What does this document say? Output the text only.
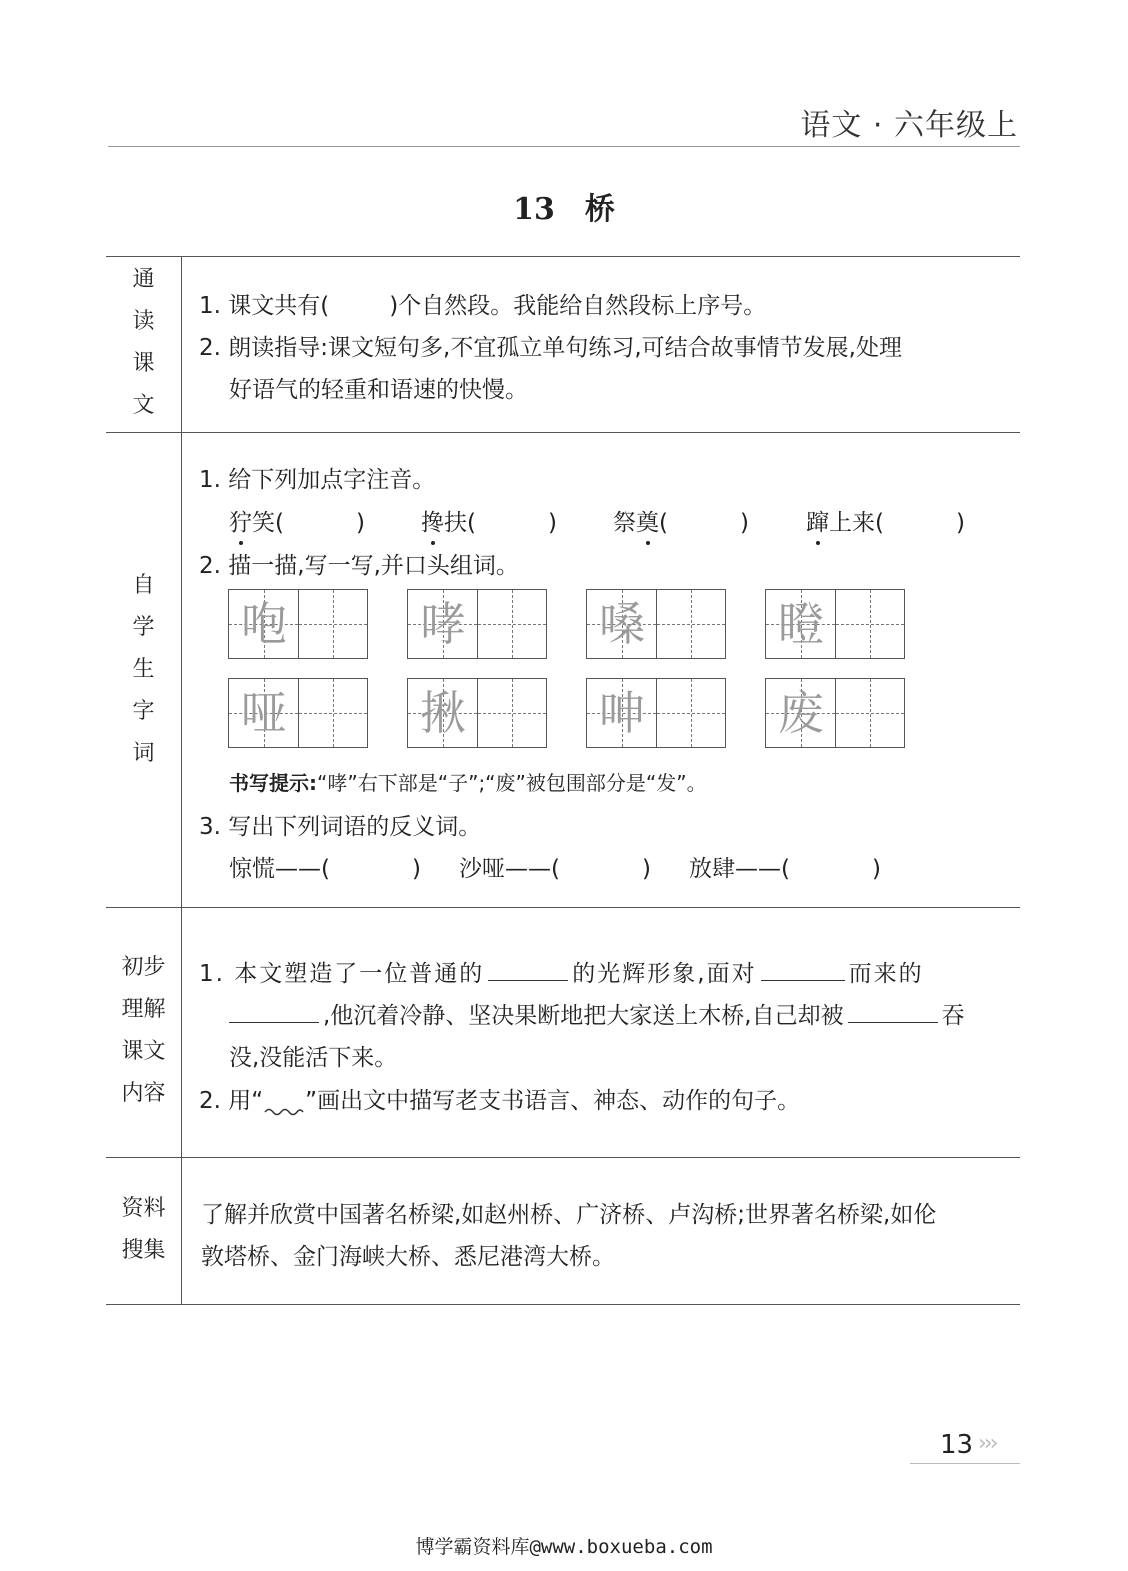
语文 · 六年级上
13 桥
通
读
课
文
1. 课文共有(	)个自然段。我能给自然段标上序号。
2. 朗读指导:课文短句多,不宜孤立单句练习,可结合故事情节发展,处理
好语气的轻重和语速的快慢。
自
学
生
字
词
1. 给下列加点字注音。
狞笑(	) 搀扶(	) 祭奠(	) 蹿上来(	)
2. 描一描,写一写,并口头组词。
咆	哮	嗓	瞪
哑	揪	呻	废
书写提示:“哮”右下部是“子”;“废”被包围部分是“发”。
3. 写出下列词语的反义词。
惊慌——(	) 沙哑——(	) 放肆——(	)
初步
理解
课文
内容
1. 本文塑造了一位普通的	的光辉形象,面对	而来的
,他沉着冷静、坚决果断地把大家送上木桥,自己却被	吞
没,没能活下来。
2. 用“ ”画出文中描写老支书语言、神态、动作的句子。
资料
搜集
了解并欣赏中国著名桥梁,如赵州桥、广济桥、卢沟桥;世界著名桥梁,如伦
敦塔桥、金门海峡大桥、悉尼港湾大桥。
13 ›››
博学霸资料库@www.boxueba.com
